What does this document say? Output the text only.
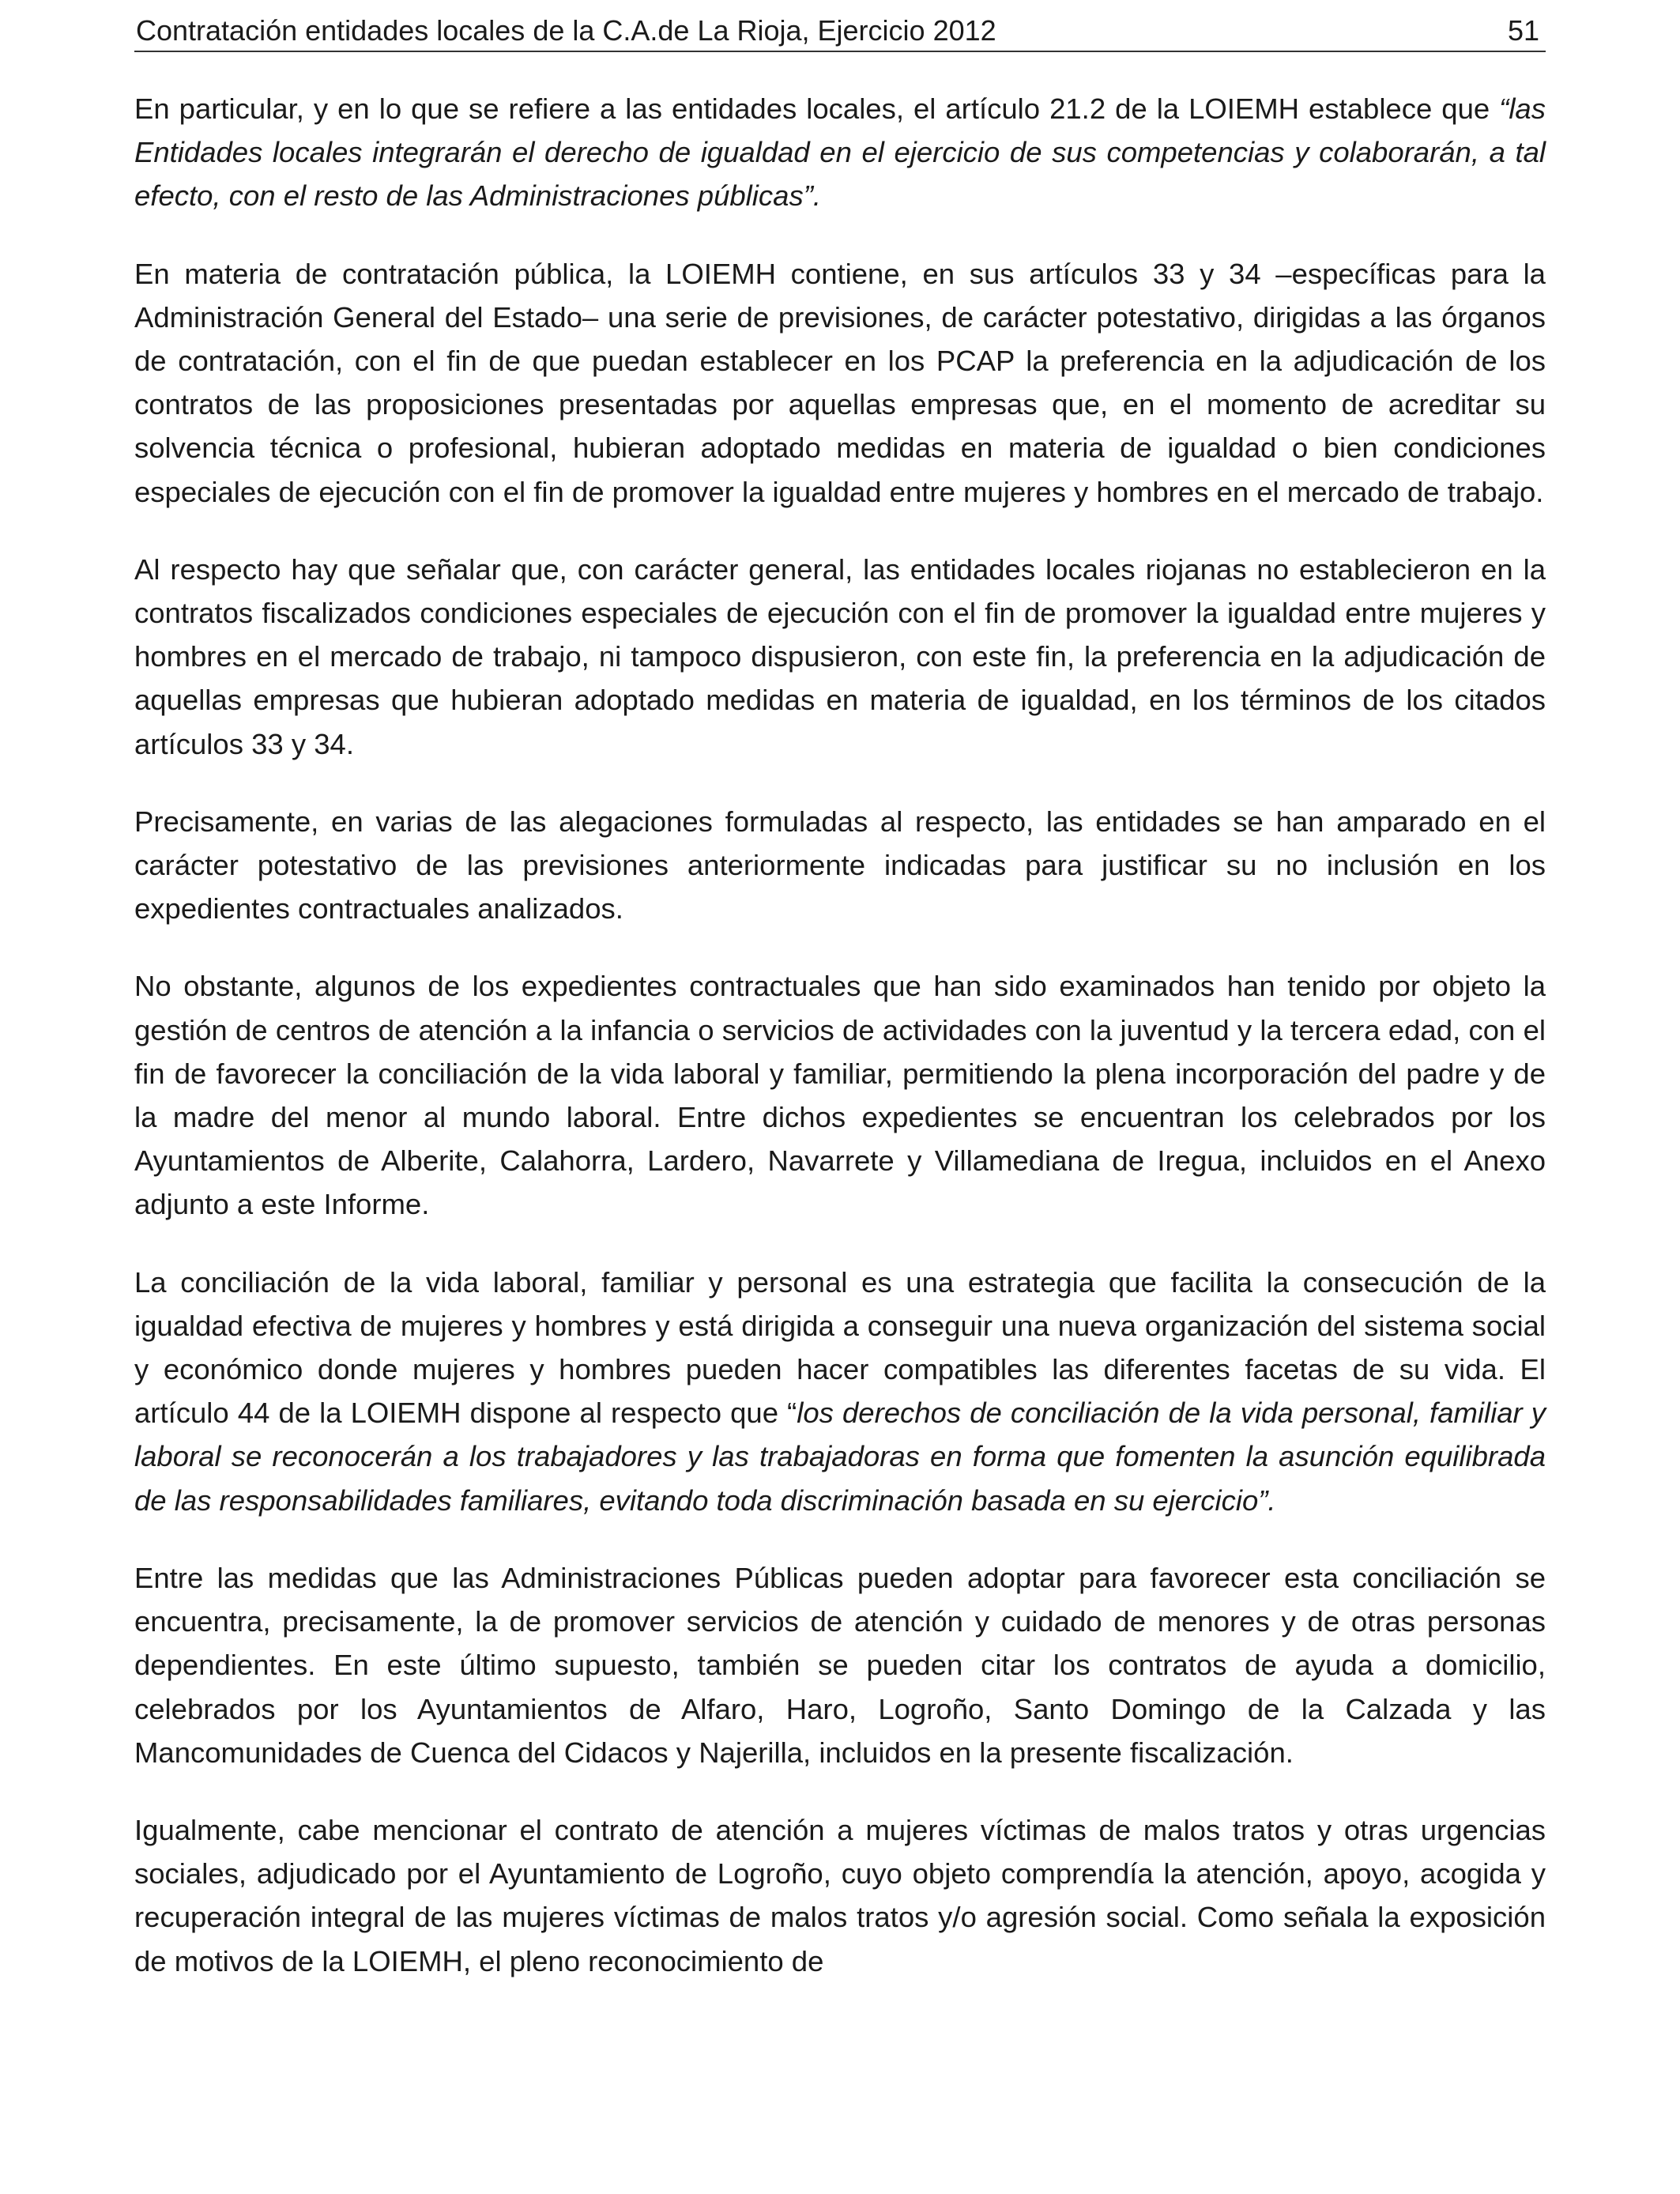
Contratación entidades locales de la C.A.de La Rioja, Ejercicio 2012	51

En particular, y en lo que se refiere a las entidades locales, el artículo 21.2 de la LOIEMH establece que “las Entidades locales integrarán el derecho de igualdad en el ejercicio de sus competencias y colaborarán, a tal efecto, con el resto de las Administraciones públicas”.

En materia de contratación pública, la LOIEMH contiene, en sus artículos 33 y 34 –específicas para la Administración General del Estado– una serie de previsiones, de carácter potestativo, dirigidas a las órganos de contratación, con el fin de que puedan establecer en los PCAP la preferencia en la adjudicación de los contratos de las proposiciones presentadas por aquellas empresas que, en el momento de acreditar su solvencia técnica o profesional, hubieran adoptado medidas en materia de igualdad o bien condiciones especiales de ejecución con el fin de promover la igualdad entre mujeres y hombres en el mercado de trabajo.

Al respecto hay que señalar que, con carácter general, las entidades locales riojanas no establecieron en la contratos fiscalizados condiciones especiales de ejecución con el fin de promover la igualdad entre mujeres y hombres en el mercado de trabajo, ni tampoco dispusieron, con este fin, la preferencia en la adjudicación de aquellas empresas que hubieran adoptado medidas en materia de igualdad, en los términos de los citados artículos 33 y 34.

Precisamente, en varias de las alegaciones formuladas al respecto, las entidades se han amparado en el carácter potestativo de las previsiones anteriormente indicadas para justificar su no inclusión en los expedientes contractuales analizados.

No obstante, algunos de los expedientes contractuales que han sido examinados han tenido por objeto la gestión de centros de atención a la infancia o servicios de actividades con la juventud y la tercera edad, con el fin de favorecer la conciliación de la vida laboral y familiar, permitiendo la plena incorporación del padre y de la madre del menor al mundo laboral. Entre dichos expedientes se encuentran los celebrados por los Ayuntamientos de Alberite, Calahorra, Lardero, Navarrete y Villamediana de Iregua, incluidos en el Anexo adjunto a este Informe.

La conciliación de la vida laboral, familiar y personal es una estrategia que facilita la consecución de la igualdad efectiva de mujeres y hombres y está dirigida a conseguir una nueva organización del sistema social y económico donde mujeres y hombres pueden hacer compatibles las diferentes facetas de su vida. El artículo 44 de la LOIEMH dispone al respecto que “los derechos de conciliación de la vida personal, familiar y laboral se reconocerán a los trabajadores y las trabajadoras en forma que fomenten la asunción equilibrada de las responsabilidades familiares, evitando toda discriminación basada en su ejercicio”.

Entre las medidas que las Administraciones Públicas pueden adoptar para favorecer esta conciliación se encuentra, precisamente, la de promover servicios de atención y cuidado de menores y de otras personas dependientes. En este último supuesto, también se pueden citar los contratos de ayuda a domicilio, celebrados por los Ayuntamientos de Alfaro, Haro, Logroño, Santo Domingo de la Calzada y las Mancomunidades de Cuenca del Cidacos y Najerilla, incluidos en la presente fiscalización.

Igualmente, cabe mencionar el contrato de atención a mujeres víctimas de malos tratos y otras urgencias sociales, adjudicado por el Ayuntamiento de Logroño, cuyo objeto comprendía la atención, apoyo, acogida y recuperación integral de las mujeres víctimas de malos tratos y/o agresión social. Como señala la exposición de motivos de la LOIEMH, el pleno reconocimiento de
